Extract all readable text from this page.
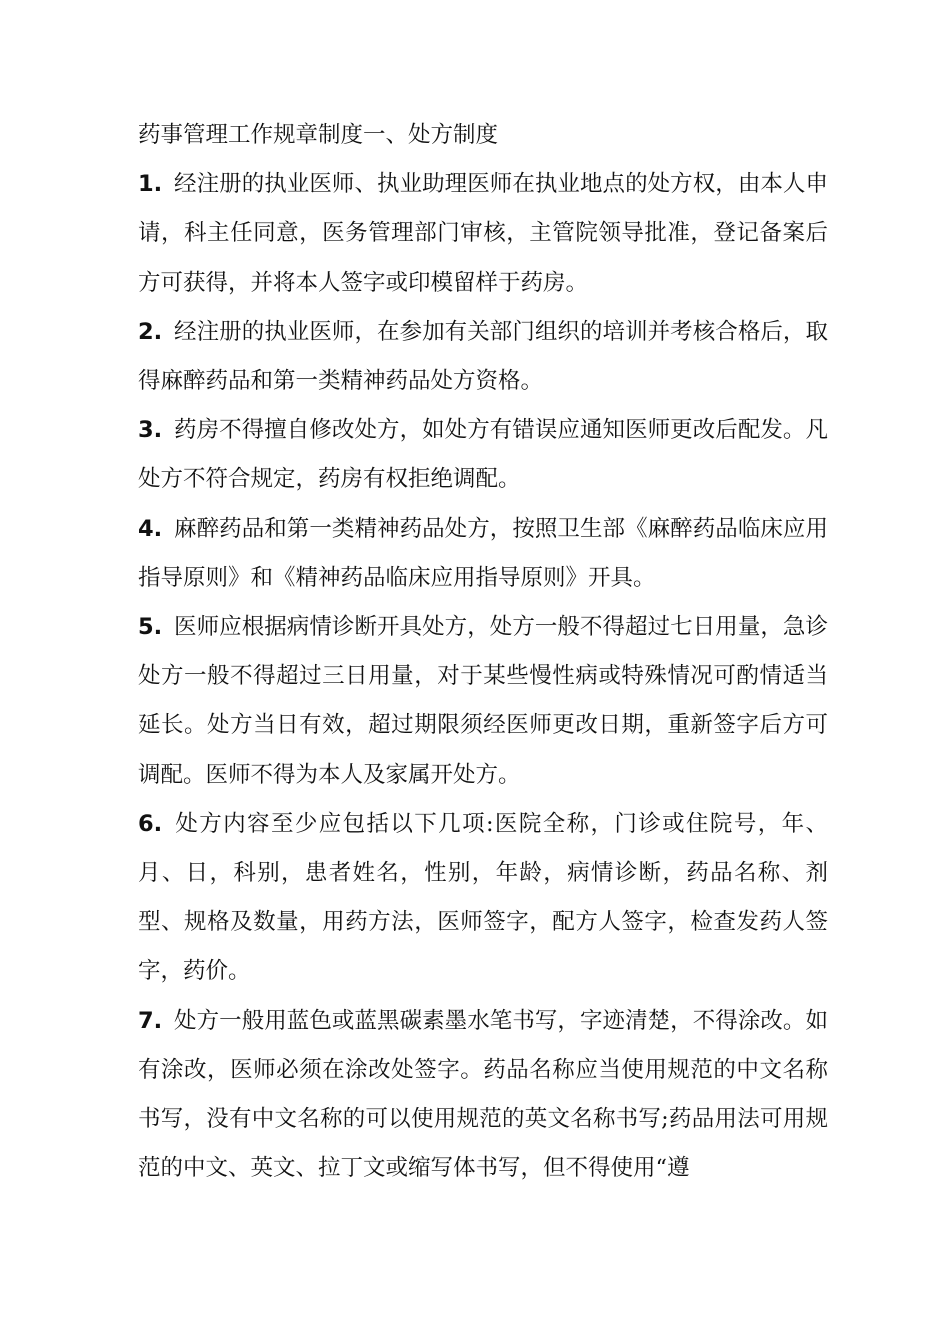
药事管理工作规章制度一、处方制度

1. 经注册的执业医师、执业助理医师在执业地点的处方权，由本人申请，科主任同意，医务管理部门审核，主管院领导批准，登记备案后方可获得，并将本人签字或印模留样于药房。

2. 经注册的执业医师，在参加有关部门组织的培训并考核合格后，取得麻醉药品和第一类精神药品处方资格。

3. 药房不得擅自修改处方，如处方有错误应通知医师更改后配发。凡处方不符合规定，药房有权拒绝调配。

4. 麻醉药品和第一类精神药品处方，按照卫生部《麻醉药品临床应用指导原则》和《精神药品临床应用指导原则》开具。

5. 医师应根据病情诊断开具处方，处方一般不得超过七日用量，急诊处方一般不得超过三日用量，对于某些慢性病或特殊情况可酌情适当延长。处方当日有效，超过期限须经医师更改日期，重新签字后方可调配。医师不得为本人及家属开处方。

6. 处方内容至少应包括以下几项:医院全称，门诊或住院号，年、月、日，科别，患者姓名，性别，年龄，病情诊断，药品名称、剂型、规格及数量，用药方法，医师签字，配方人签字，检查发药人签字，药价。

7. 处方一般用蓝色或蓝黑碳素墨水笔书写，字迹清楚，不得涂改。如有涂改，医师必须在涂改处签字。药品名称应当使用规范的中文名称书写，没有中文名称的可以使用规范的英文名称书写;药品用法可用规范的中文、英文、拉丁文或缩写体书写，但不得使用“遵
